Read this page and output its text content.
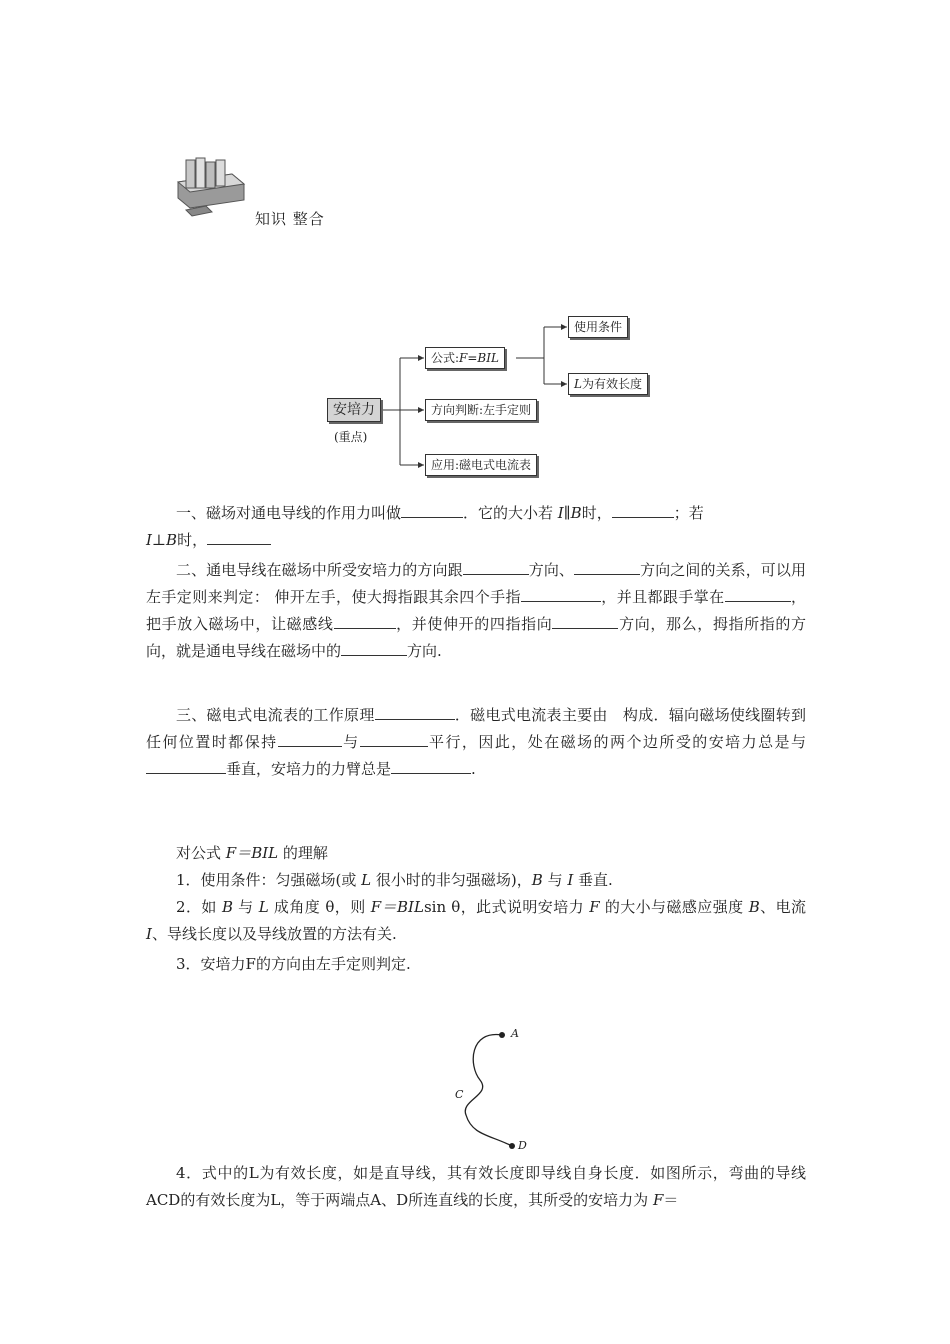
知识 整合
安培力
(重点)
公式:F=BIL
方向判断:左手定则
应用:磁电式电流表
使用条件
L为有效长度
一、磁场对通电导线的作用力叫做	．它的大小若 I∥B时，	；若
I⊥B时，
二、通电导线在磁场中所受安培力的方向跟	方向、	方向之间的关系，可以用左手定则来判定： 伸开左手，使大拇指跟其余四个手指	，并且都跟手掌在	，把手放入磁场中，让磁感线	，并使伸开的四指指向	方向，那么，拇指所指的方向，就是通电导线在磁场中的	方向.
三、磁电式电流表的工作原理	．磁电式电流表主要由　构成．辐向磁场使线圈转到任何位置时都保持	与	平行，因此，处在磁场的两个边所受的安培力总是与垂直，安培力的力臂总是	.
对公式 F＝BIL 的理解
1．使用条件：匀强磁场(或 L 很小时的非匀强磁场)，B 与 I 垂直.
2．如 B 与 L 成角度 θ，则 F＝BILsin θ，此式说明安培力 F 的大小与磁感应强度 B、电流 I、导线长度以及导线放置的方法有关.
3．安培力F的方向由左手定则判定.
A
C
D
4．式中的L为有效长度，如是直导线，其有效长度即导线自身长度．如图所示，弯曲的导线ACD的有效长度为L，等于两端点A、D所连直线的长度，其所受的安培力为 F＝
